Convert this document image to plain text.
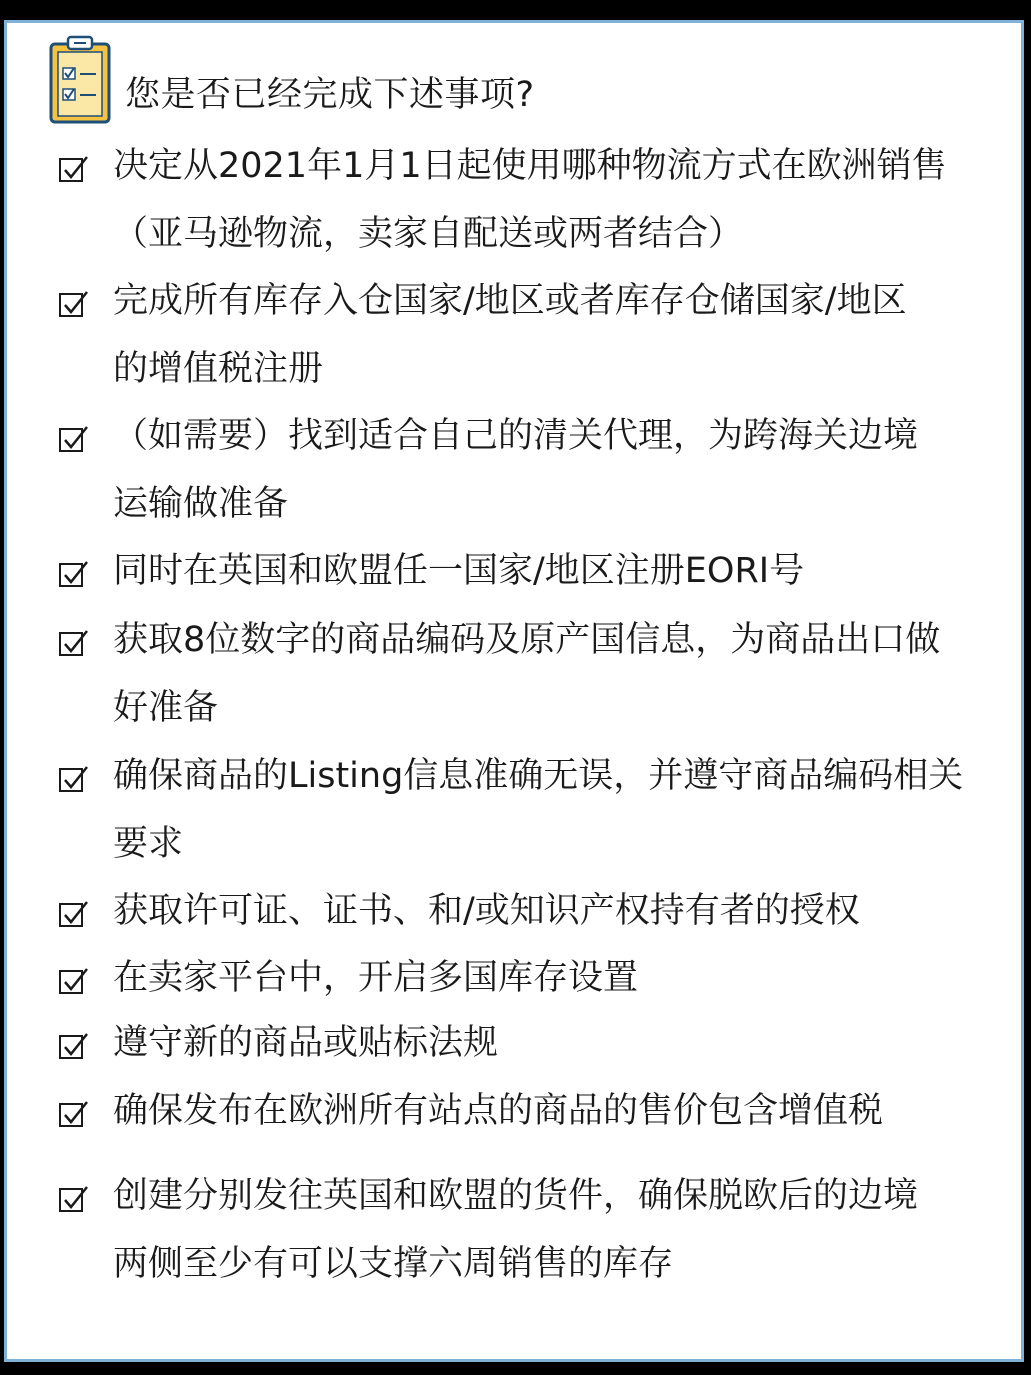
您是否已经完成下述事项?
决定从2021年1月1日起使用哪种物流方式在欧洲销售
（亚马逊物流，卖家自配送或两者结合）
完成所有库存入仓国家/地区或者库存仓储国家/地区
的增值税注册
（如需要）找到适合自己的清关代理，为跨海关边境
运输做准备
同时在英国和欧盟任一国家/地区注册EORI号
获取8位数字的商品编码及原产国信息，为商品出口做
好准备
确保商品的Listing信息准确无误，并遵守商品编码相关
要求
获取许可证、证书、和/或知识产权持有者的授权
在卖家平台中，开启多国库存设置
遵守新的商品或贴标法规
确保发布在欧洲所有站点的商品的售价包含增值税
创建分别发往英国和欧盟的货件，确保脱欧后的边境
两侧至少有可以支撑六周销售的库存
